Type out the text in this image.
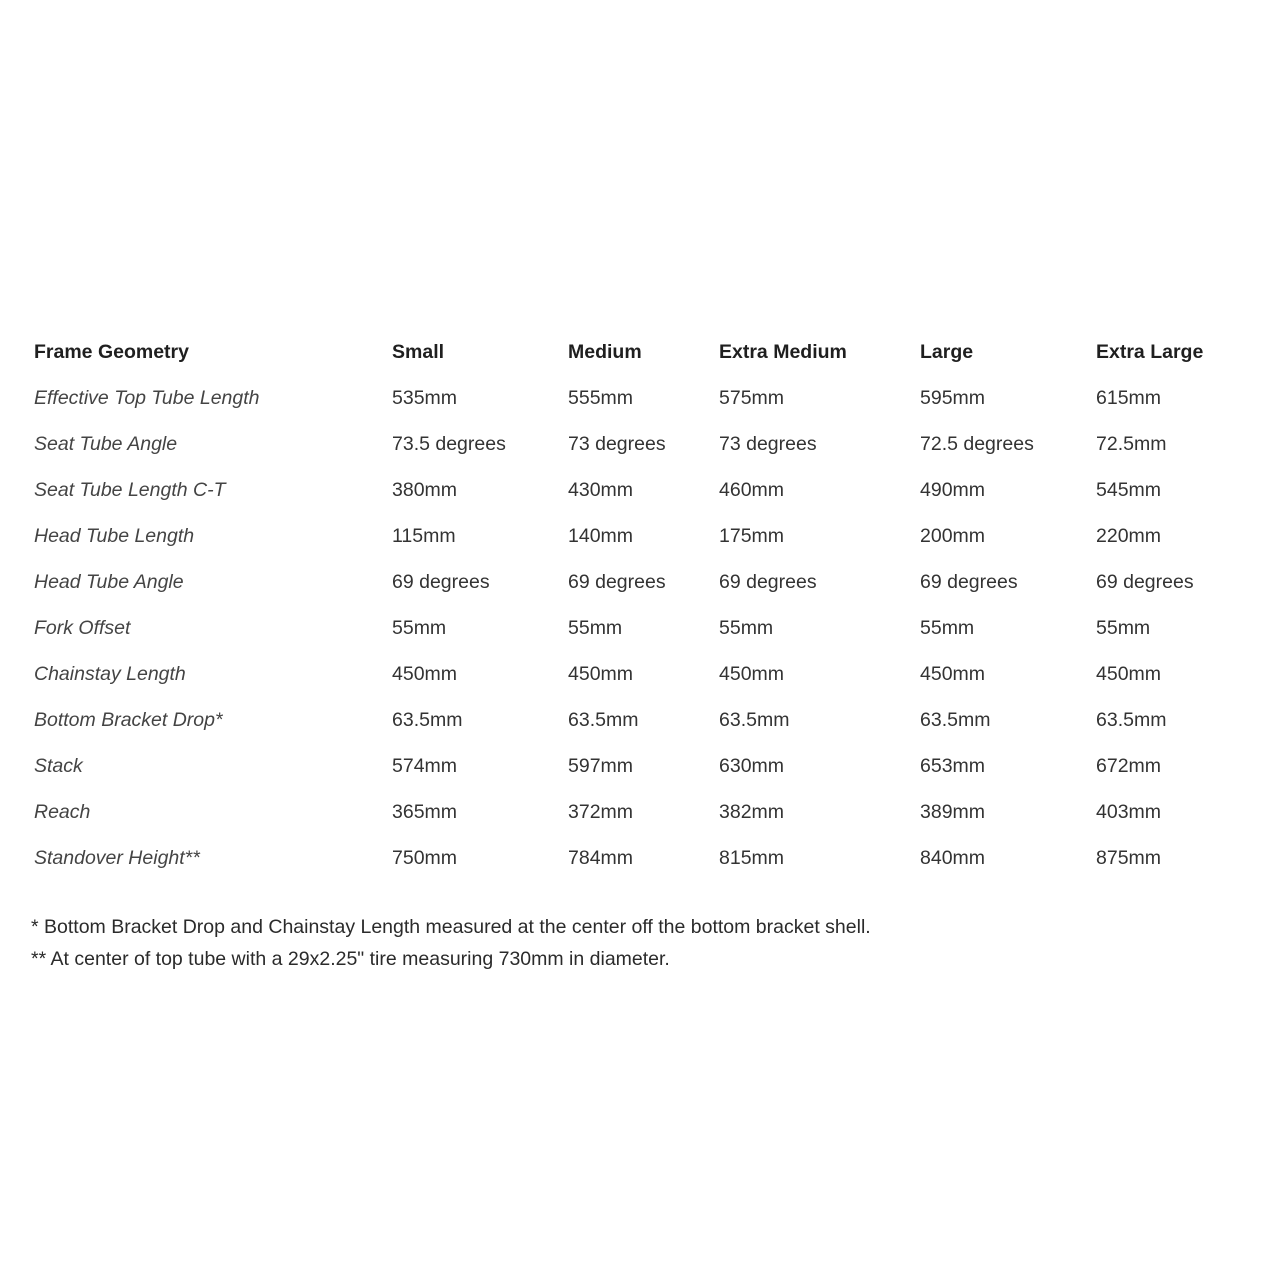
Frame Geometry	Small	Medium	Extra Medium	Large	Extra Large
Effective Top Tube Length	535mm	555mm	575mm	595mm	615mm
Seat Tube Angle	73.5 degrees	73 degrees	73 degrees	72.5 degrees	72.5mm
Seat Tube Length C-T	380mm	430mm	460mm	490mm	545mm
Head Tube Length	115mm	140mm	175mm	200mm	220mm
Head Tube Angle	69 degrees	69 degrees	69 degrees	69 degrees	69 degrees
Fork Offset	55mm	55mm	55mm	55mm	55mm
Chainstay Length	450mm	450mm	450mm	450mm	450mm
Bottom Bracket Drop*	63.5mm	63.5mm	63.5mm	63.5mm	63.5mm
Stack	574mm	597mm	630mm	653mm	672mm
Reach	365mm	372mm	382mm	389mm	403mm
Standover Height**	750mm	784mm	815mm	840mm	875mm

* Bottom Bracket Drop and Chainstay Length measured at the center off the bottom bracket shell.

** At center of top tube with a 29x2.25" tire measuring 730mm in diameter.
